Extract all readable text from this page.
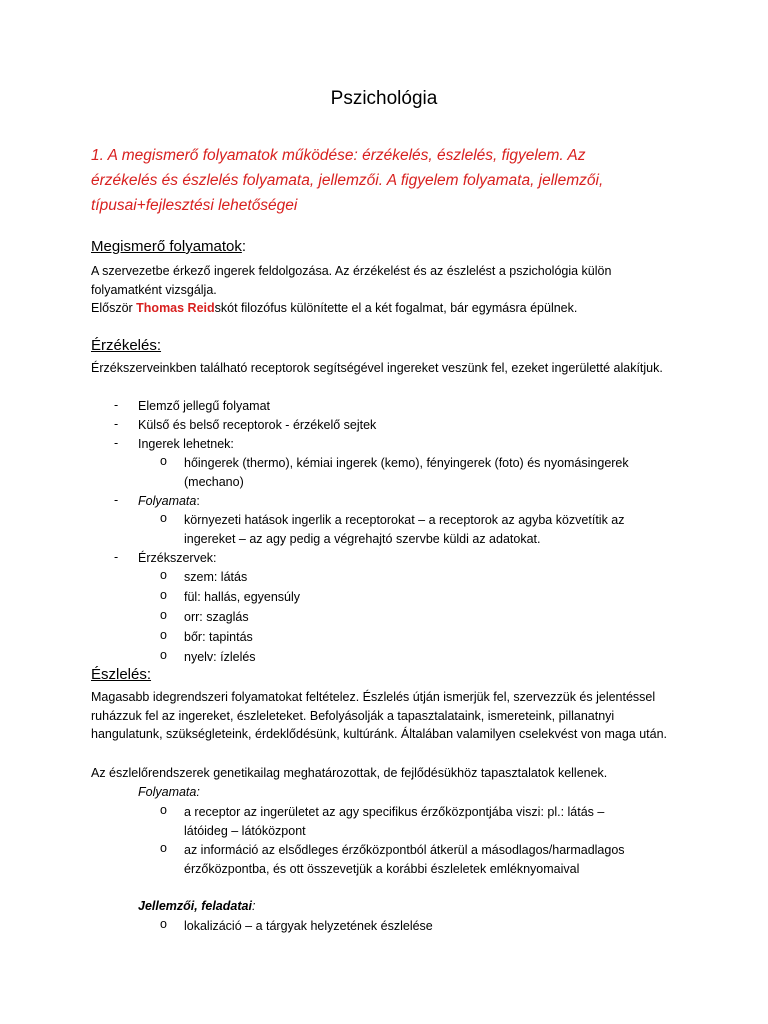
Pszichológia
1. A megismerő folyamatok működése: érzékelés, észlelés, figyelem. Az érzékelés és észlelés folyamata, jellemzői. A figyelem folyamata, jellemzői, típusai+fejlesztési lehetőségei
Megismerő folyamatok:
A szervezetbe érkező ingerek feldolgozása. Az érzékelést és az észlelést a pszichológia külön folyamatként vizsgálja.
Először Thomas Reidskót filozófus különítette el a két fogalmat, bár egymásra épülnek.
Érzékelés:
Érzékszerveinkben található receptorok segítségével ingereket veszünk fel, ezeket ingerületté alakítjuk.
- Elemző jellegű folyamat
- Külső és belső receptorok - érzékelő sejtek
- Ingerek lehetnek:
o hőingerek (thermo), kémiai ingerek (kemo), fényingerek (foto) és nyomásingerek (mechano)
- Folyamata:
o környezeti hatások ingerlik a receptorokat – a receptorok az agyba közvetítik az ingereket – az agy pedig a végrehajtó szervbe küldi az adatokat.
- Érzékszervek:
o szem: látás
o fül: hallás, egyensúly
o orr: szaglás
o bőr: tapintás
o nyelv: ízlelés
Észlelés:
Magasabb idegrendszeri folyamatokat feltételez. Észlelés útján ismerjük fel, szervezzük és jelentéssel ruházzuk fel az ingereket, észleleteket. Befolyásolják a tapasztalataink, ismereteink, pillanatnyi hangulatunk, szükségleteink, érdeklődésünk, kultúránk. Általában valamilyen cselekvést von maga után.
Az észlelőrendszerek genetikailag meghatározottak, de fejlődésükhöz tapasztalatok kellenek.
Folyamata:
o a receptor az ingerületet az agy specifikus érzőközpontjába viszi: pl.: látás – látóideg – látóközpont
o az információ az elsődleges érzőközpontból átkerül a másodlagos/harmadlagos érzőközpontba, és ott összevetjük a korábbi észleletek emléknyomaival
Jellemzői, feladatai:
o lokalizáció – a tárgyak helyzetének észlelése
